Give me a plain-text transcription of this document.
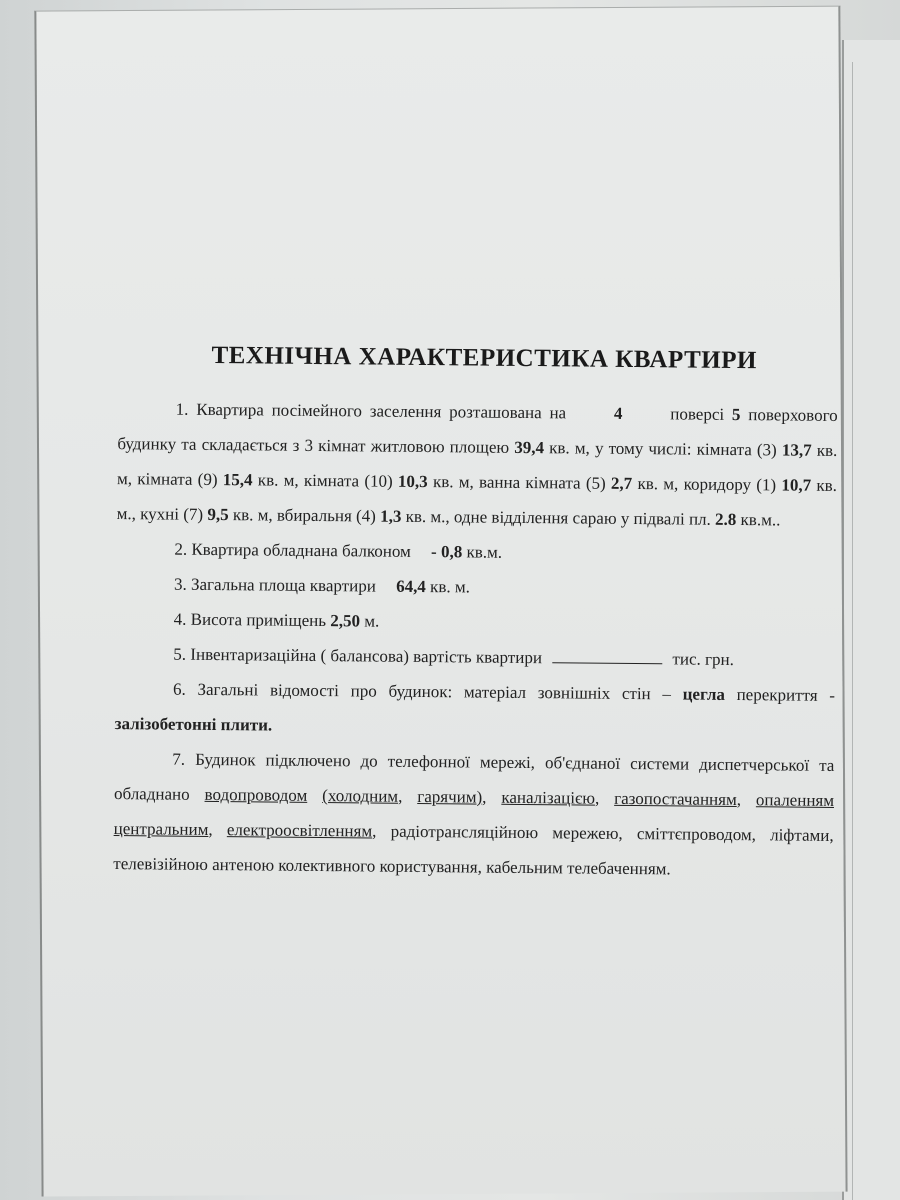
ТЕХНІЧНА ХАРАКТЕРИСТИКА КВАРТИРИ

1. Квартира посімейного заселення розташована на	4	поверсі 5 поверхового будинку та складається з 3 кімнат житловою площею 39,4 кв. м, у тому числі: кімната (3) 13,7 кв. м, кімната (9) 15,4 кв. м, кімната (10) 10,3 кв. м, ванна кімната (5) 2,7 кв. м, коридору (1) 10,7 кв. м., кухні (7) 9,5 кв. м, вбиральня (4) 1,3 кв. м., одне відділення сараю у підвалі пл. 2.8 кв.м..

2. Квартира обладнана балконом - 0,8 кв.м.
3. Загальна площа квартири 64,4 кв. м.
4. Висота приміщень 2,50 м.
5. Інвентаризаційна ( балансова) вартість квартири	тис. грн.

6. Загальні відомості про будинок: матеріал зовнішніх стін – цегла перекриття - залізобетонні плити.

7. Будинок підключено до телефонної мережі, об'єднаної системи диспетчерської та обладнано водопроводом (холодним, гарячим), каналізацією, газопостачанням, опаленням центральним, електроосвітленням, радіотрансляційною мережею, сміттєпроводом, ліфтами, телевізійною антеною колективного користування, кабельним телебаченням.
